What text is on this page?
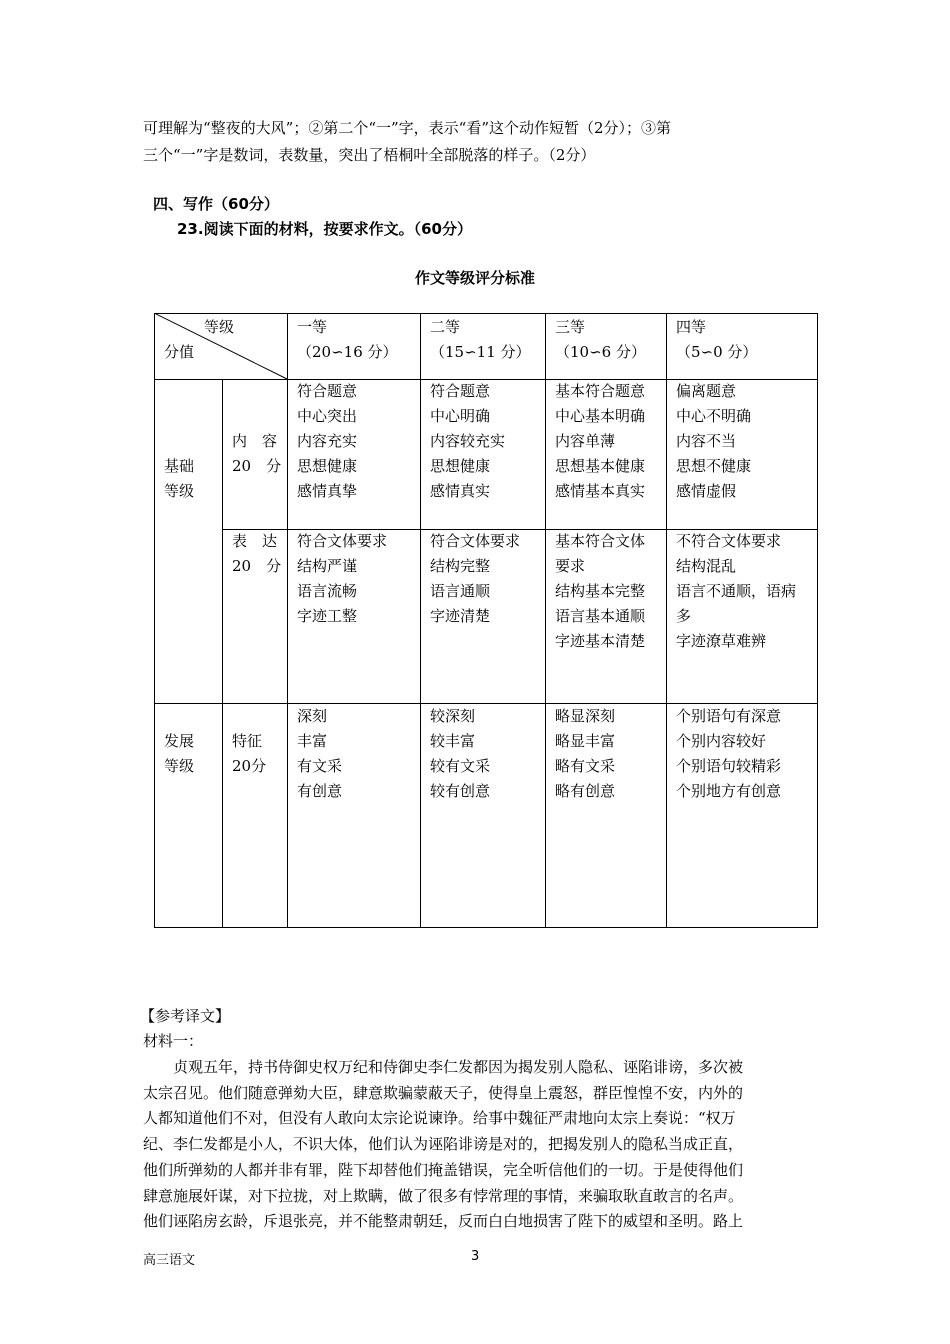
可理解为“整夜的大风”；②第二个“一”字，表示“看”这个动作短暂（2分）；③第
三个“一”字是数词，表数量，突出了梧桐叶全部脱落的样子。（2分）
四、写作（60分）
23.阅读下面的材料，按要求作文。（60分）
作文等级评分标准
等级
分值
一等
（20∽16 分）
二等
（15∽11 分）
三等
（10∽6 分）
四等
（5∽0 分）
基础
等级
内　容
20　分
符合题意
中心突出
内容充实
思想健康
感情真挚
符合题意
中心明确
内容较充实
思想健康
感情真实
基本符合题意
中心基本明确
内容单薄
思想基本健康
感情基本真实
偏离题意
中心不明确
内容不当
思想不健康
感情虚假
表　达
20　分
符合文体要求
结构严谨
语言流畅
字迹工整
符合文体要求
结构完整
语言通顺
字迹清楚
基本符合文体
要求
结构基本完整
语言基本通顺
字迹基本清楚
不符合文体要求
结构混乱
语言不通顺，语病
多
字迹潦草难辨
发展
等级
特征
20分
深刻
丰富
有文采
有创意
较深刻
较丰富
较有文采
较有创意
略显深刻
略显丰富
略有文采
略有创意
个别语句有深意
个别内容较好
个别语句较精彩
个别地方有创意
【参考译文】
材料一：
　　贞观五年，持书侍御史权万纪和侍御史李仁发都因为揭发别人隐私、诬陷诽谤，多次被
太宗召见。他们随意弹劾大臣，肆意欺骗蒙蔽天子，使得皇上震怒，群臣惶惶不安，内外的
人都知道他们不对，但没有人敢向太宗论说谏诤。给事中魏征严肃地向太宗上奏说：“权万
纪、李仁发都是小人，不识大体，他们认为诬陷诽谤是对的，把揭发别人的隐私当成正直，
他们所弹劾的人都并非有罪，陛下却替他们掩盖错误，完全听信他们的一切。于是使得他们
肆意施展奸谋，对下拉拢，对上欺瞒，做了很多有悖常理的事情，来骗取耿直敢言的名声。
他们诬陷房玄龄，斥退张亮，并不能整肃朝廷，反而白白地损害了陛下的威望和圣明。路上
高三语文	3
